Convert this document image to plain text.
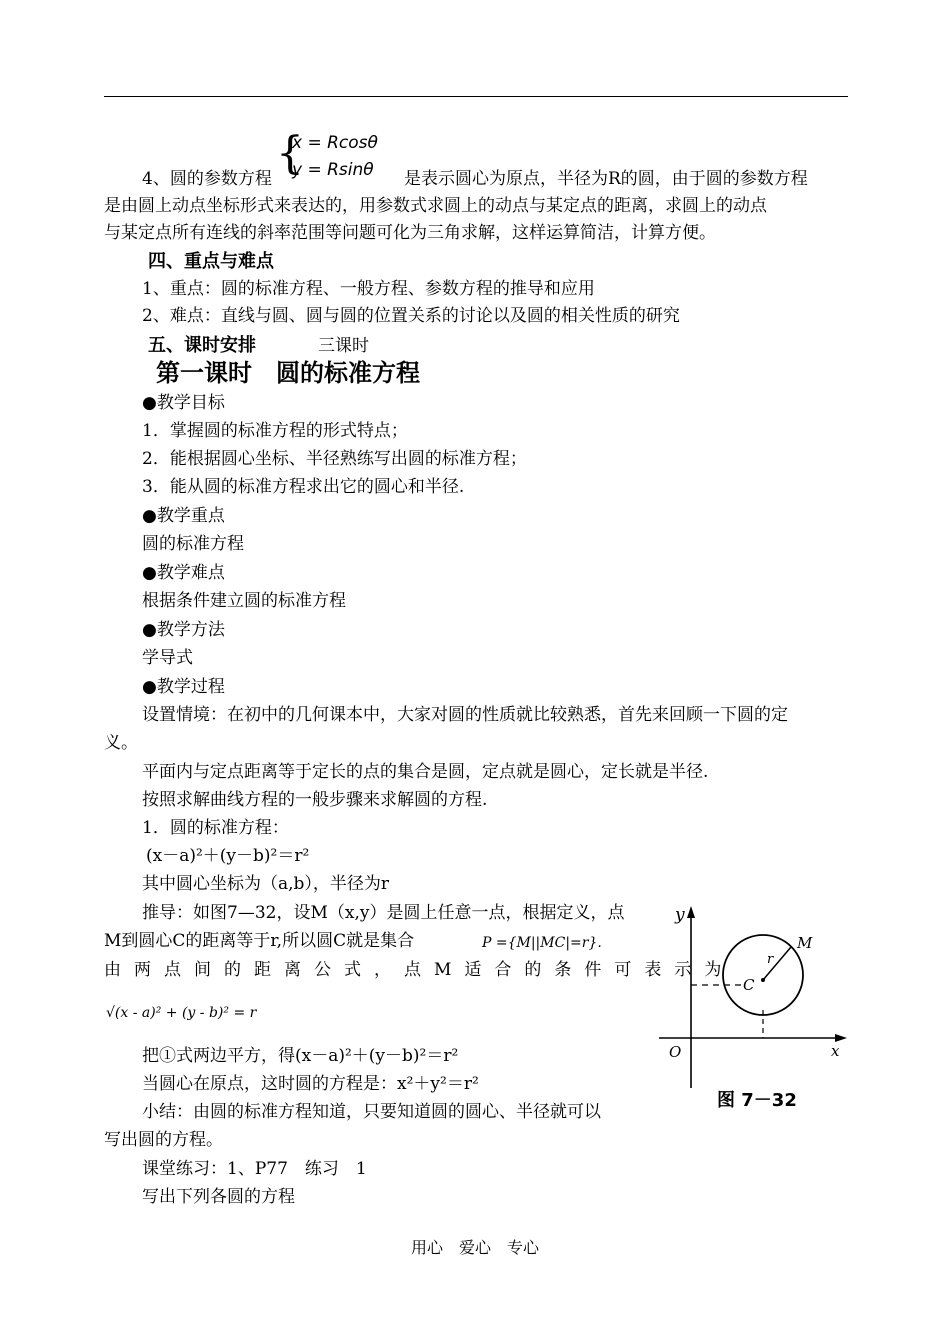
{
x = Rcosθ
y = Rsinθ
4、圆的参数方程	是表示圆心为原点，半径为R的圆，由于圆的参数方程
是由圆上动点坐标形式来表达的，用参数式求圆上的动点与某定点的距离，求圆上的动点
与某定点所有连线的斜率范围等问题可化为三角求解，这样运算简洁，计算方便。
四、重点与难点
1、重点：圆的标准方程、一般方程、参数方程的推导和应用
2、难点：直线与圆、圆与圆的位置关系的讨论以及圆的相关性质的研究
五、课时安排	三课时
第一课时　圆的标准方程
●教学目标
1．掌握圆的标准方程的形式特点；
2．能根据圆心坐标、半径熟练写出圆的标准方程；
3．能从圆的标准方程求出它的圆心和半径.
●教学重点
圆的标准方程
●教学难点
根据条件建立圆的标准方程
●教学方法
学导式
●教学过程
设置情境：在初中的几何课本中，大家对圆的性质就比较熟悉，首先来回顾一下圆的定
义。
平面内与定点距离等于定长的点的集合是圆，定点就是圆心，定长就是半径.
按照求解曲线方程的一般步骤来求解圆的方程.
1．圆的标准方程：
(x－a)²＋(y－b)²＝r²
其中圆心坐标为（a,b），半径为r
推导：如图7—32，设M（x,y）是圆上任意一点，根据定义，点
M到圆心C的距离等于r,所以圆C就是集合	P ={M||MC|=r}.
由两点间的距离公式，点M适合的条件可表示为
√(x - a)² + (y - b)² = r
把①式两边平方，得(x－a)²＋(y－b)²＝r²
当圆心在原点，这时圆的方程是：x²＋y²＝r²
小结：由圆的标准方程知道，只要知道圆的圆心、半径就可以
写出圆的方程。
课堂练习：1、P77　练习　1
写出下列各圆的方程
y
x
O
C
r
M
图 7－32
用心　爱心　专心
